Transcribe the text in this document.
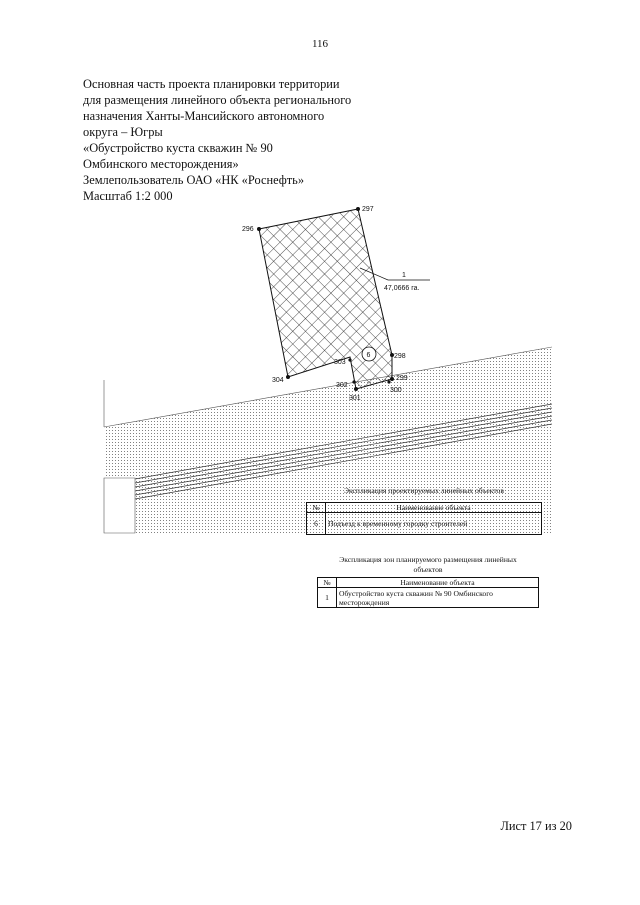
116
Основная часть проекта планировки территории
для размещения линейного объекта регионального
назначения Ханты-Мансийского автономного
округа – Югры
«Обустройство куста скважин № 90
Омбинского месторождения»
Землепользователь ОАО «НК «Роснефть»
Масштаб 1:2 000
1
47,0666 га.
6
296
297
298
299
300
301
302
303
304
Экспликация проектируемых линейных объектов
№	Наименование объекта
6	Подъезд к временному городку строителей
Экспликация зон планируемого размещения линейных
объектов
№	Наименование объекта
1	Обустройство куста скважин № 90 Омбинского месторождения
Лист 17 из 20
